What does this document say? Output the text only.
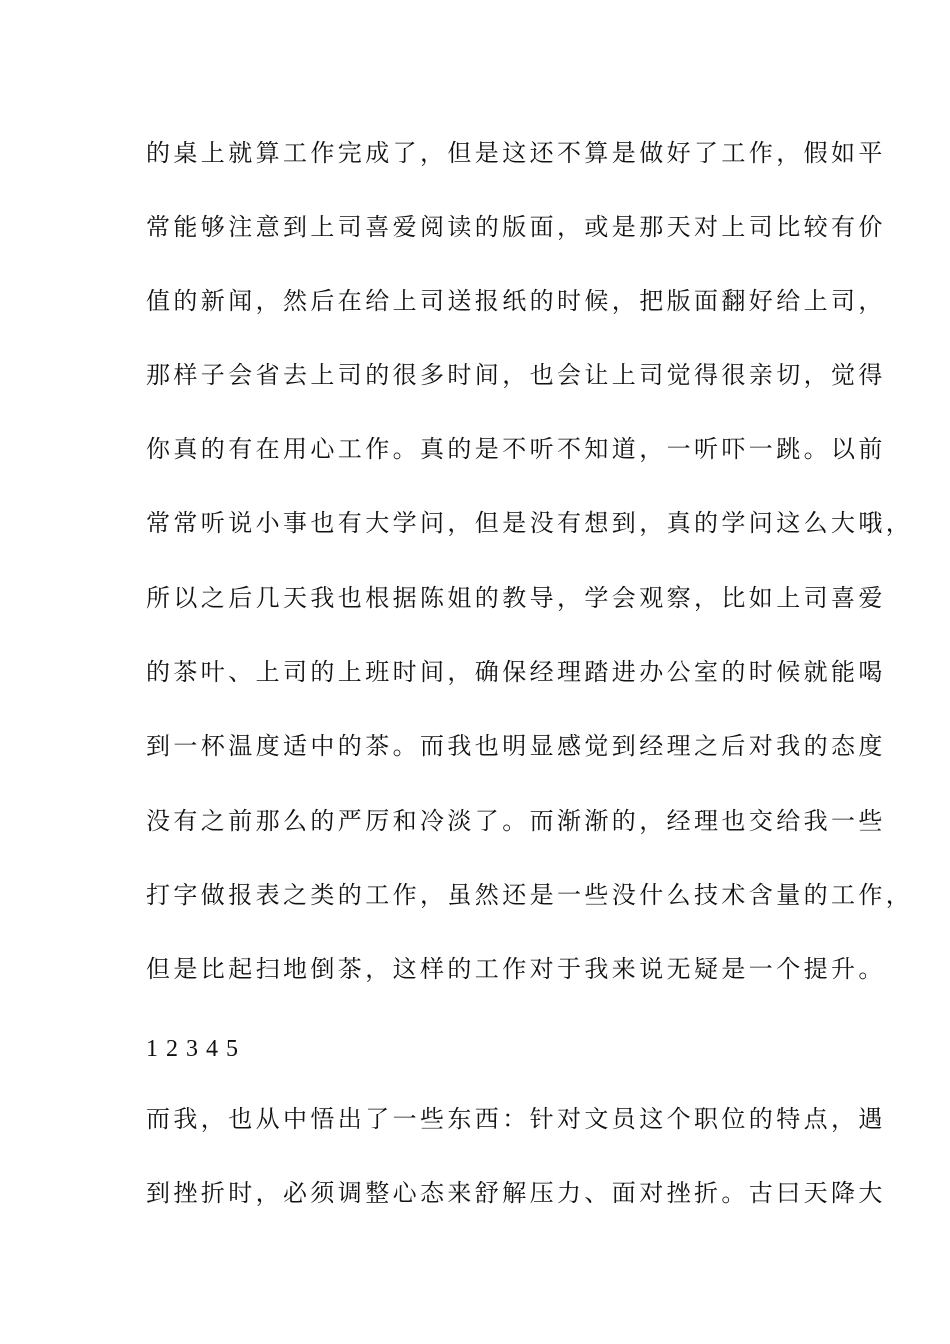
的桌上就算工作完成了，但是这还不算是做好了工作，假如平
常能够注意到上司喜爱阅读的版面，或是那天对上司比较有价
值的新闻，然后在给上司送报纸的时候，把版面翻好给上司，
那样子会省去上司的很多时间，也会让上司觉得很亲切，觉得
你真的有在用心工作。真的是不听不知道，一听吓一跳。以前
常常听说小事也有大学问，但是没有想到，真的学问这么大哦，
所以之后几天我也根据陈姐的教导，学会观察，比如上司喜爱
的茶叶、上司的上班时间，确保经理踏进办公室的时候就能喝
到一杯温度适中的茶。而我也明显感觉到经理之后对我的态度
没有之前那么的严厉和冷淡了。而渐渐的，经理也交给我一些
打字做报表之类的工作，虽然还是一些没什么技术含量的工作，
但是比起扫地倒茶，这样的工作对于我来说无疑是一个提升。
1 2 3 4 5
而我，也从中悟出了一些东西：针对文员这个职位的特点，遇
到挫折时，必须调整心态来舒解压力、面对挫折。古曰天降大
